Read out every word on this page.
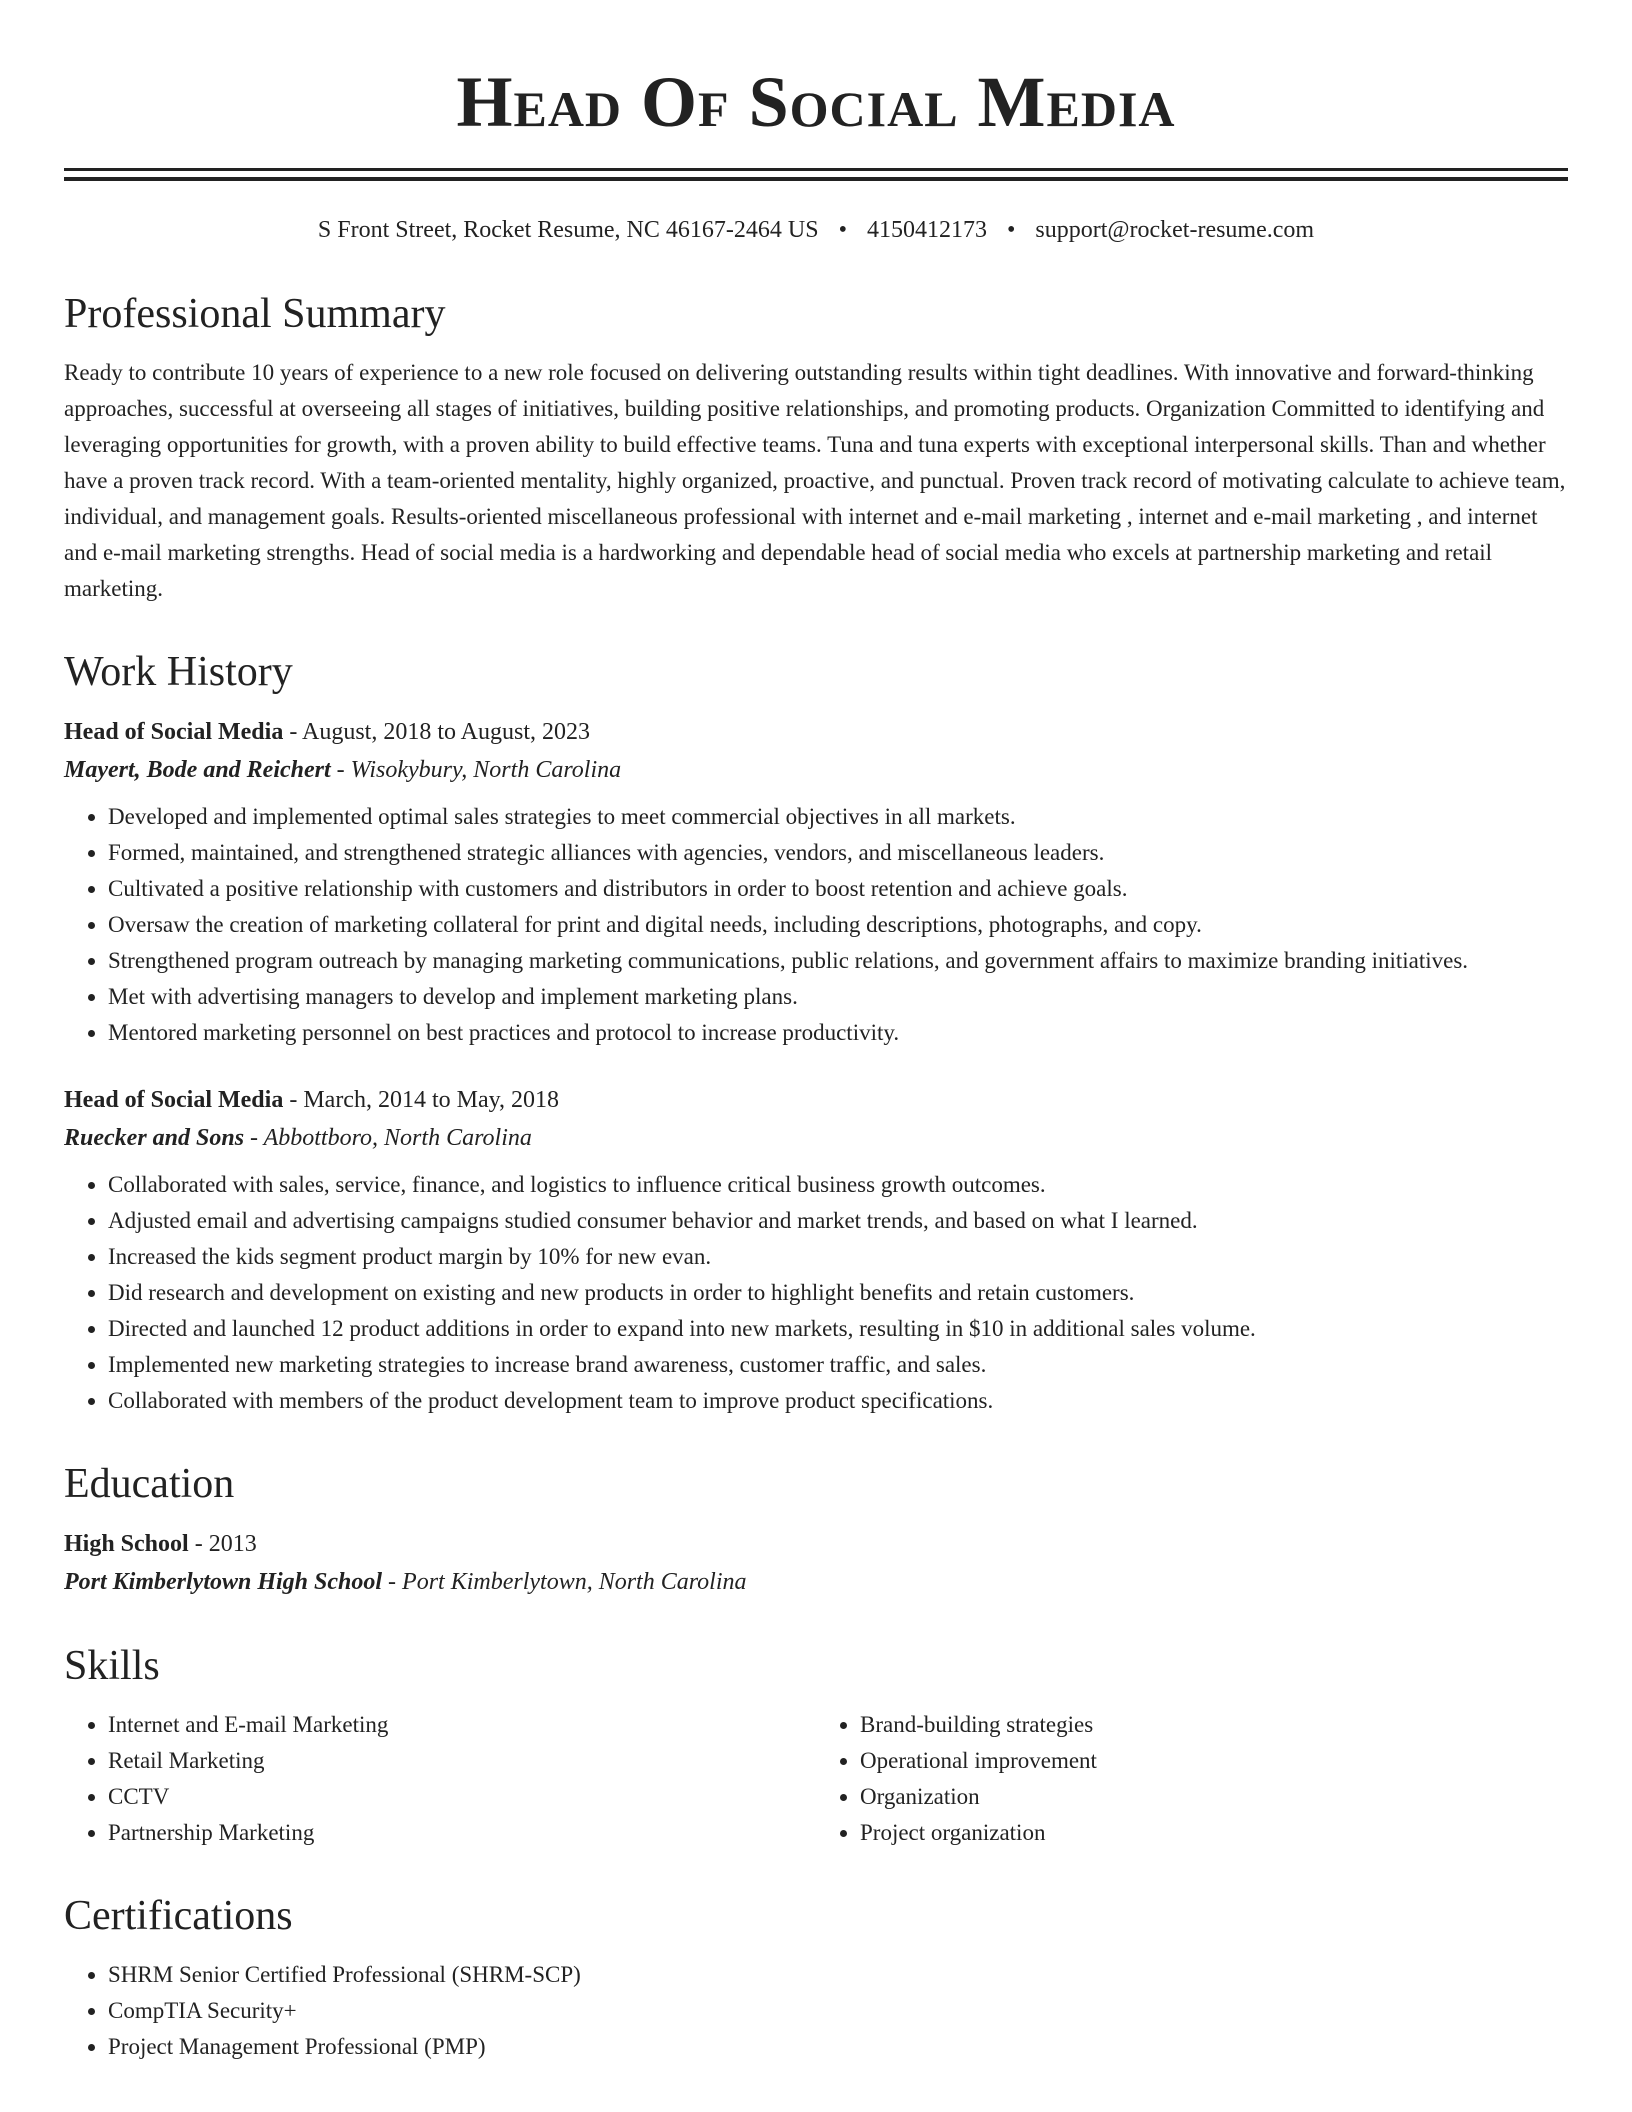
Head Of Social Media
S Front Street, Rocket Resume, NC 46167-2464 US • 4150412173 • support@rocket-resume.com
Professional Summary

Ready to contribute 10 years of experience to a new role focused on delivering outstanding results within tight deadlines. With innovative and forward-thinking approaches, successful at overseeing all stages of initiatives, building positive relationships, and promoting products. Organization Committed to identifying and leveraging opportunities for growth, with a proven ability to build effective teams. Tuna and tuna experts with exceptional interpersonal skills. Than and whether have a proven track record. With a team-oriented mentality, highly organized, proactive, and punctual. Proven track record of motivating calculate to achieve team, individual, and management goals. Results-oriented miscellaneous professional with internet and e-mail marketing , internet and e-mail marketing , and internet and e-mail marketing strengths. Head of social media is a hardworking and dependable head of social media who excels at partnership marketing and retail marketing.

Work History
Head of Social Media - August, 2018 to August, 2023
Mayert, Bode and Reichert - Wisokybury, North Carolina
• Developed and implemented optimal sales strategies to meet commercial objectives in all markets.
• Formed, maintained, and strengthened strategic alliances with agencies, vendors, and miscellaneous leaders.
• Cultivated a positive relationship with customers and distributors in order to boost retention and achieve goals.
• Oversaw the creation of marketing collateral for print and digital needs, including descriptions, photographs, and copy.
• Strengthened program outreach by managing marketing communications, public relations, and government affairs to maximize branding initiatives.
• Met with advertising managers to develop and implement marketing plans.
• Mentored marketing personnel on best practices and protocol to increase productivity.
Head of Social Media - March, 2014 to May, 2018
Ruecker and Sons - Abbottboro, North Carolina
• Collaborated with sales, service, finance, and logistics to influence critical business growth outcomes.
• Adjusted email and advertising campaigns studied consumer behavior and market trends, and based on what I learned.
• Increased the kids segment product margin by 10% for new evan.
• Did research and development on existing and new products in order to highlight benefits and retain customers.
• Directed and launched 12 product additions in order to expand into new markets, resulting in $10 in additional sales volume.
• Implemented new marketing strategies to increase brand awareness, customer traffic, and sales.
• Collaborated with members of the product development team to improve product specifications.
Education
High School - 2013
Port Kimberlytown High School - Port Kimberlytown, North Carolina
Skills
• Internet and E-mail Marketing
• Retail Marketing
• CCTV
• Partnership Marketing
• Brand-building strategies
• Operational improvement
• Organization
• Project organization
Certifications
• SHRM Senior Certified Professional (SHRM-SCP)
• CompTIA Security+
• Project Management Professional (PMP)
